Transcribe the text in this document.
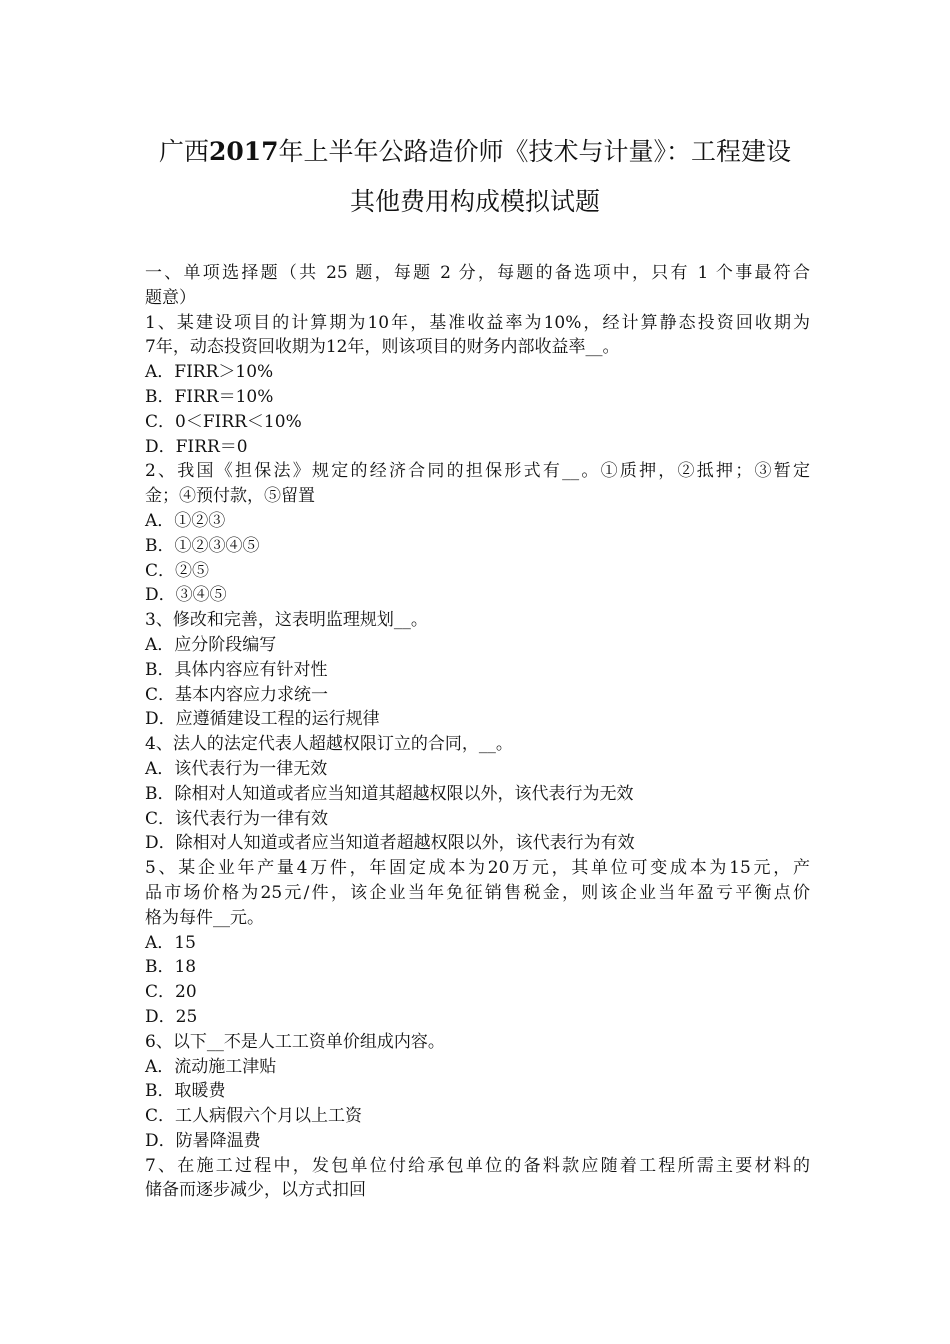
广西2017年上半年公路造价师《技术与计量》：工程建设
其他费用构成模拟试题
一、单项选择题（共 25 题，每题 2 分，每题的备选项中，只有 1 个事最符合
题意）
1、某建设项目的计算期为10年，基准收益率为10%，经计算静态投资回收期为
7年，动态投资回收期为12年，则该项目的财务内部收益率__。
A．FIRR＞10%
B．FIRR＝10%
C．0＜FIRR＜10%
D．FIRR＝0
2、我国《担保法》规定的经济合同的担保形式有__。①质押，②抵押；③暂定
金；④预付款，⑤留置
A．①②③
B．①②③④⑤
C．②⑤
D．③④⑤
3、修改和完善，这表明监理规划__。
A．应分阶段编写
B．具体内容应有针对性
C．基本内容应力求统一
D．应遵循建设工程的运行规律
4、法人的法定代表人超越权限订立的合同，__。
A．该代表行为一律无效
B．除相对人知道或者应当知道其超越权限以外，该代表行为无效
C．该代表行为一律有效
D．除相对人知道或者应当知道者超越权限以外，该代表行为有效
5、某企业年产量4万件，年固定成本为20万元，其单位可变成本为15元，产
品市场价格为25元/件，该企业当年免征销售税金，则该企业当年盈亏平衡点价
格为每件__元。
A．15
B．18
C．20
D．25
6、以下__不是人工工资单价组成内容。
A．流动施工津贴
B．取暖费
C．工人病假六个月以上工资
D．防暑降温费
7、在施工过程中，发包单位付给承包单位的备料款应随着工程所需主要材料的
储备而逐步减少，以方式扣回
